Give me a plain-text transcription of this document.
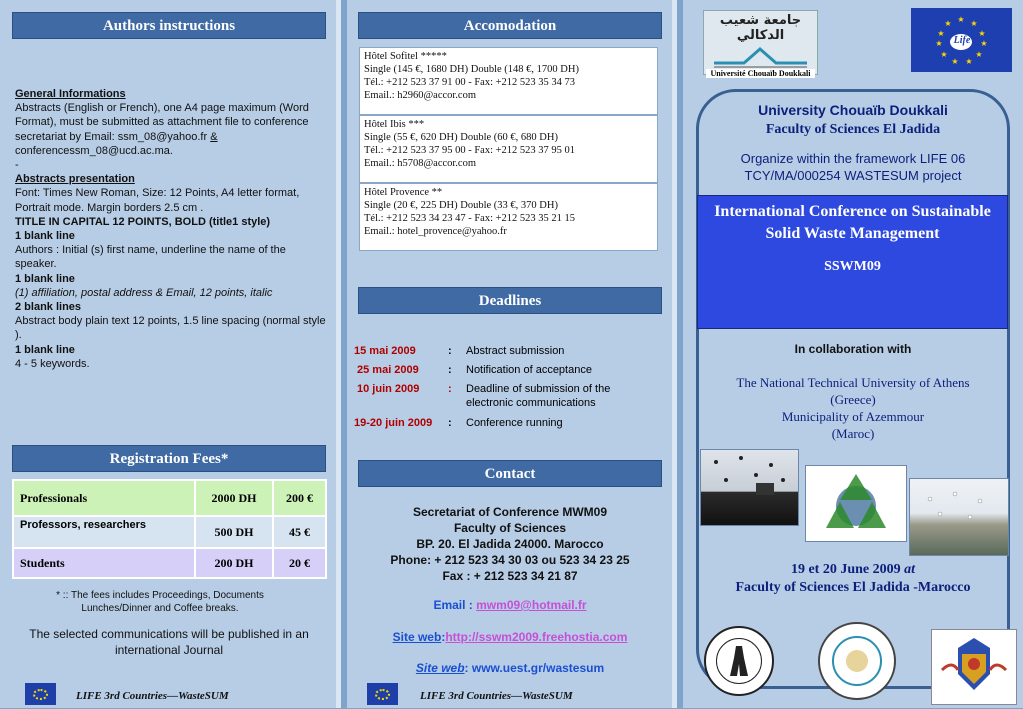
Authors instructions
General Informations
Abstracts (English or French), one A4 page maximum (Word Format), must be submitted as attachment file to conference secretariat by Email: ssm_08@yahoo.fr &
conferencessm_08@ucd.ac.ma.
-
Abstracts presentation
Font: Times New Roman, Size: 12 Points, A4 letter format, Portrait mode. Margin borders 2.5 cm .
TITLE IN CAPITAL 12 POINTS, BOLD (title1 style)
1 blank line
Authors : Initial (s) first name, underline the name of the speaker.
1 blank line
(1) affiliation, postal address & Email, 12 points, italic
2 blank lines
Abstract body plain text 12 points, 1.5 line spacing (normal style ).
1 blank line
4 - 5 keywords.
Registration Fees*
Professionals	2000 DH	200 €
Professors, researchers	500 DH	45 €
Students	200 DH	20 €
* :: The fees includes Proceedings, Documents Lunches/Dinner and Coffee breaks.
The selected communications will be published in an international Journal
LIFE 3rd Countries—WasteSUM
Accomodation
Hôtel Sofitel *****
Single (145 €, 1680 DH) Double (148 €, 1700 DH)
Tél.: +212 523 37 91 00 - Fax: +212 523 35 34 73
Email.: h2960@accor.com
Hôtel Ibis ***
Single (55 €, 620 DH) Double (60 €, 680 DH)
Tél.: +212 523 37 95 00 - Fax: +212 523 37 95 01
Email.: h5708@accor.com
Hôtel Provence **
Single (20 €, 225 DH) Double (33 €, 370 DH)
Tél.: +212 523 34 23 47 - Fax: +212 523 35 21 15
Email.: hotel_provence@yahoo.fr
Deadlines
15 mai 2009	: Abstract submission
25 mai 2009	: Notification of acceptance
10 juin 2009	: Deadline of submission of the electronic communications
19-20 juin 2009 : Conference running
Contact
Secretariat of Conference MWM09
Faculty of Sciences
BP. 20. El Jadida 24000. Marocco
Phone: + 212 523 34 30 03 ou 523 34 23 25
Fax : + 212 523 34 21 87
Email : mwm09@hotmail.fr
Site web:http://sswm2009.freehostia.com
Site web: www.uest.gr/wastesum
LIFE 3rd Countries—WasteSUM
جامعة شعيب الدكالي
Université Chouaïb Doukkali
★ ★
★
★
★
★
★
★
★
★
★
Life
University Chouaïb Doukkali
Faculty of Sciences El Jadida
Organize within the framework LIFE 06 TCY/MA/000254 WASTESUM project
International Conference on Sustainable Solid Waste Management
SSWM09
In collaboration with
The National Technical University of Athens
(Greece)
Municipality of Azemmour
(Maroc)
19 et 20 June 2009 at
Faculty of Sciences El Jadida -Marocco
